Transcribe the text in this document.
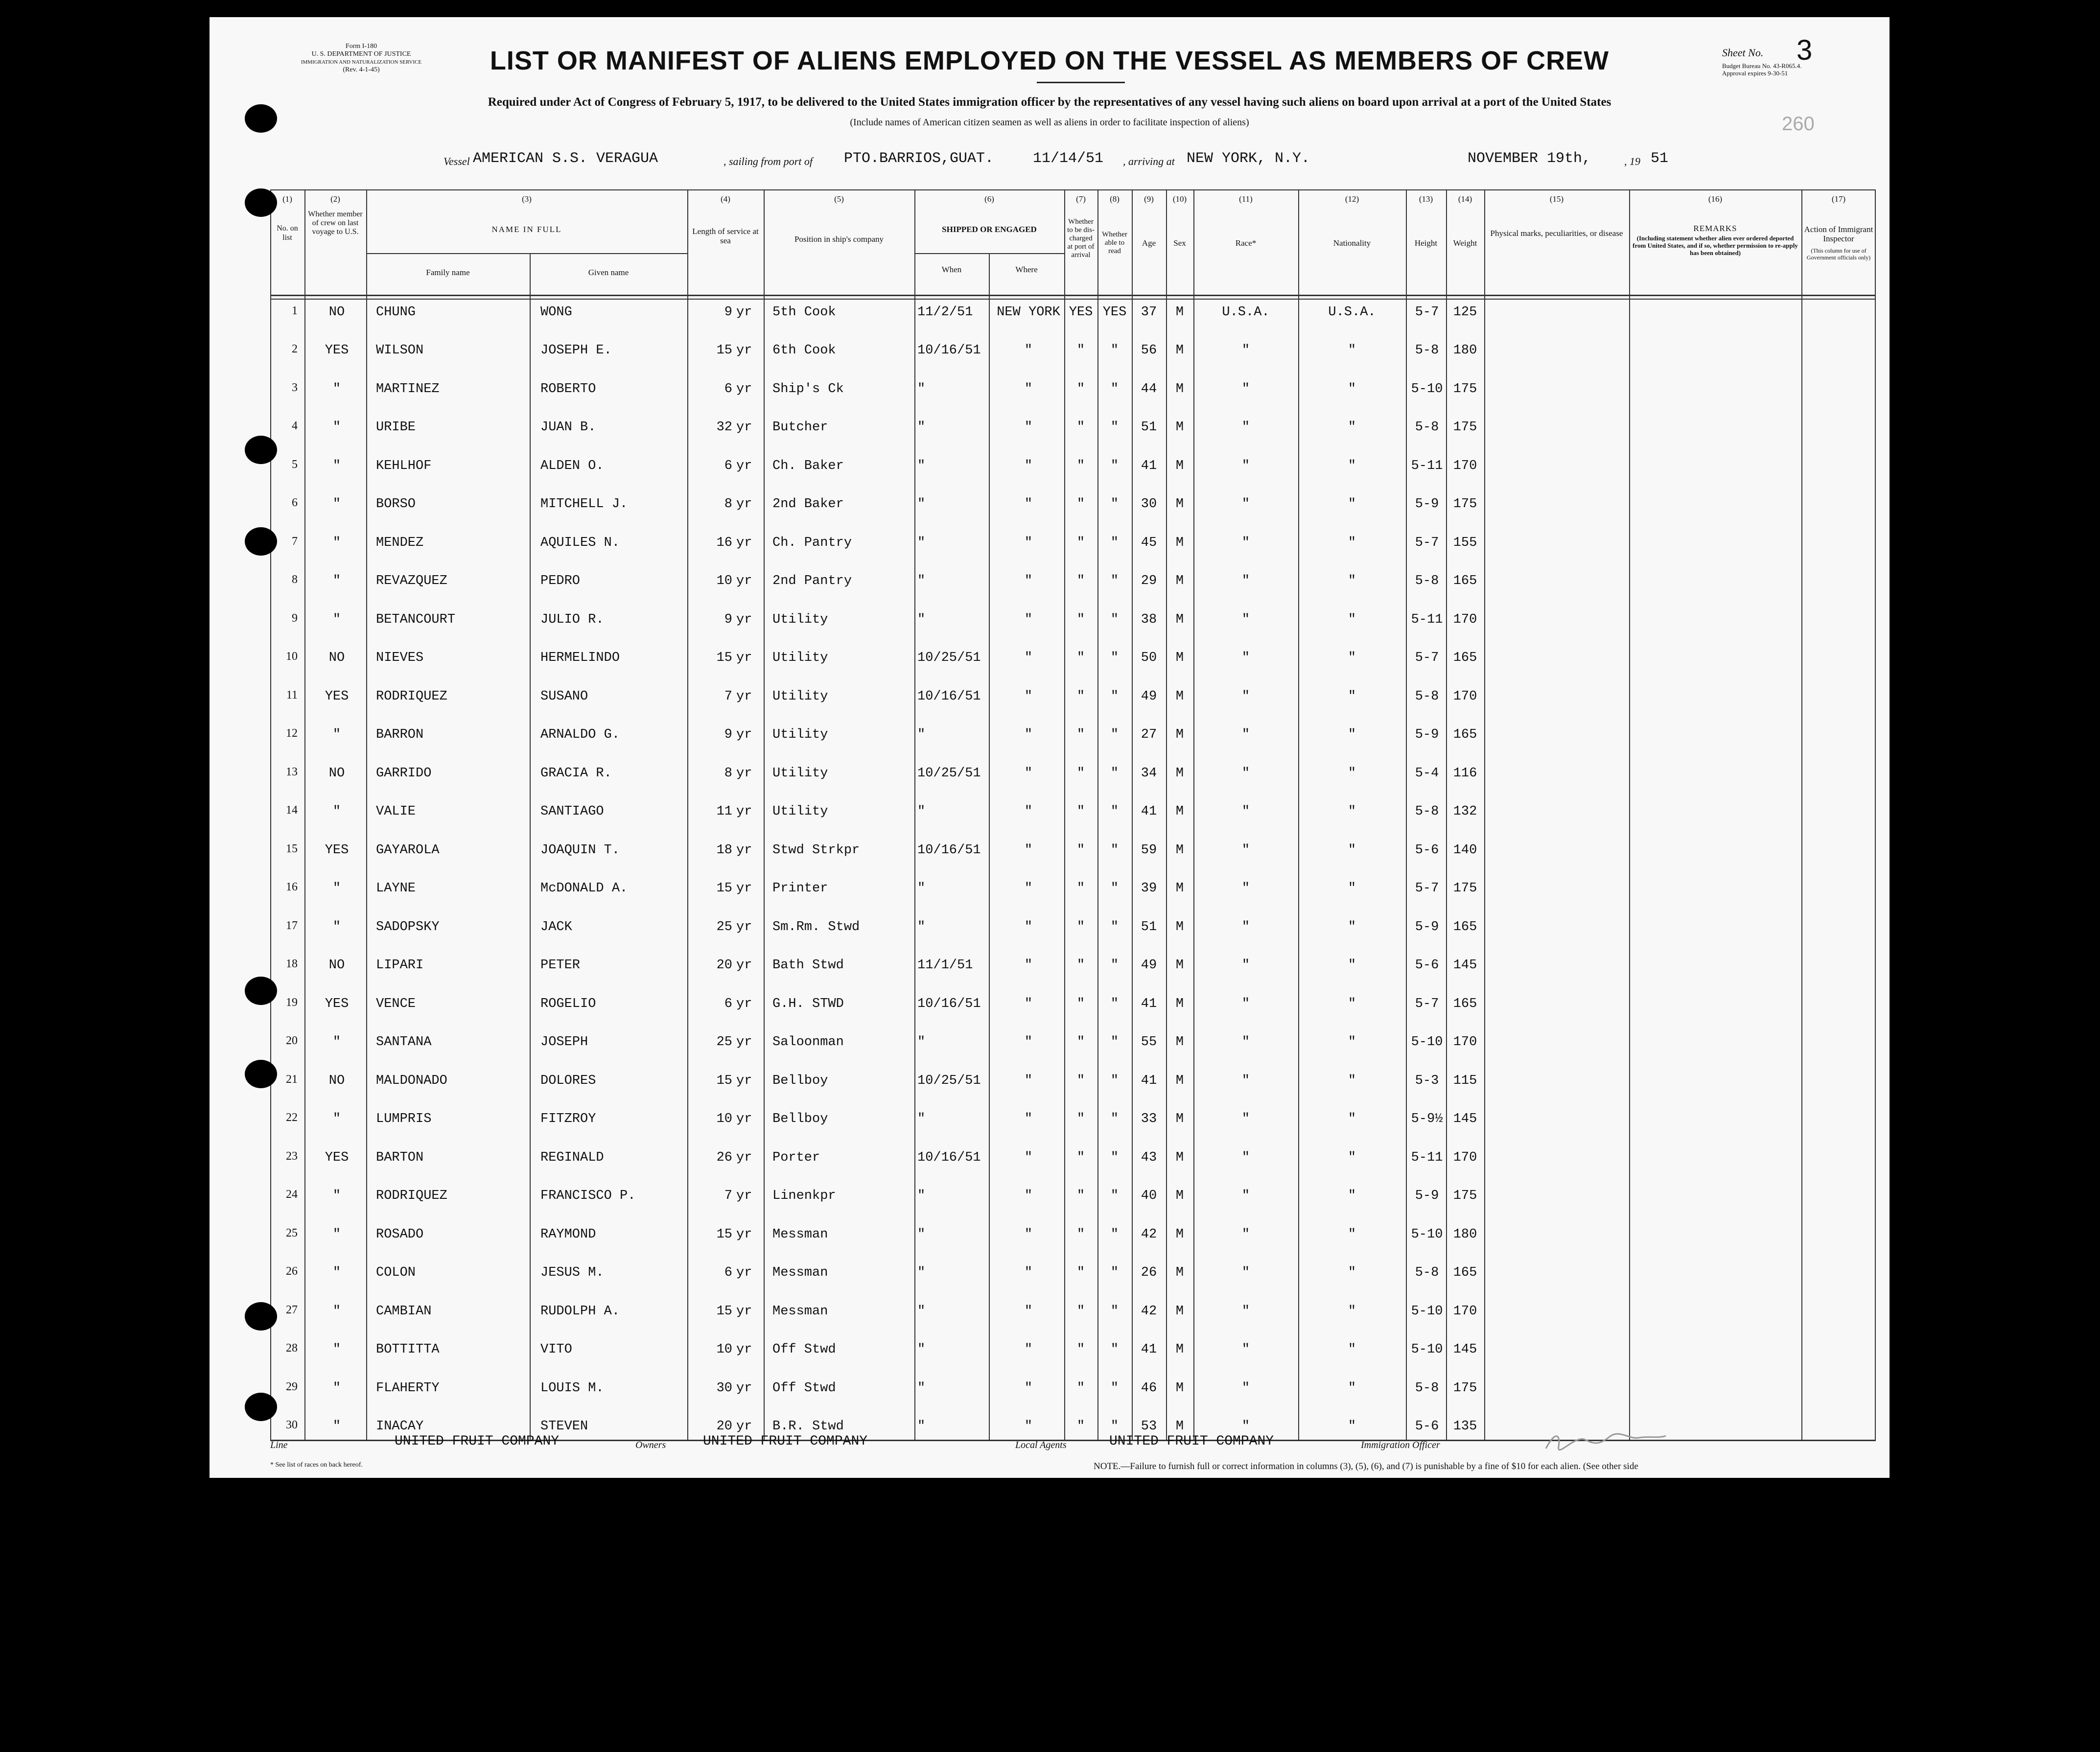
Form I-180
U. S. DEPARTMENT OF JUSTICE
IMMIGRATION AND NATURALIZATION SERVICE
(Rev. 4-1-45)	LIST OR MANIFEST OF ALIENS EMPLOYED ON THE VESSEL AS MEMBERS OF CREW	Sheet No. 3
Budget Bureau No. 43-R065.4.
Approval expires 9-30-51
260
Required under Act of Congress of February 5, 1917, to be delivered to the United States immigration officer by the representatives of any vessel having such aliens on board upon arrival at a port of the United States
(Include names of American citizen seamen as well as aliens in order to facilitate inspection of aliens)
Vessel AMERICAN S.S. VERAGUA	, sailing from port of PTO.BARRIOS,GUAT.	11/14/51 , arriving at NEW YORK, N.Y.	NOVEMBER 19th,	, 19 51
(1)	(2)	(3)	(4)	(5)	(6)	(7)	(8)	(9)	(10)	(11)	(12)	(13)	(14)	(15)	(16)	(17)
No. on list
Whether member of crew on last voyage to U.S.	NAME IN FULL
Family name	Given name
Length of service at sea	Position in ship's company
SHIPPED OR ENGAGED
When	Where
Whether to be dis-charged at port of arrival
Whether able to read
Age	Sex	Race*	Nationality	Height	Weight
Physical marks, peculiarities, or disease
REMARKS
(Including statement whether alien ever ordered deported from United States, and if so, whether permission to re-apply has been obtained)
Action of Immigrant Inspector
(This column for use of Government officials only)
1	NO	CHUNG	WONG	9 yr 5th Cook	11/2/51	NEW YORK YES YES	37	M	U.S.A.	U.S.A.	5-7	125
2	YES	WILSON	JOSEPH E.	15 yr 6th Cook	10/16/51	"	"	"	56	M	"	"	5-8	180
3	"	MARTINEZ	ROBERTO	6 yr Ship's Ck	"	"	"	"	44	M	"	"	5-10 175
4	"	URIBE	JUAN B.	32 yr Butcher	"	"	"	"	51	M	"	"	5-8	175
5	"	KEHLHOF	ALDEN O.	6 yr Ch. Baker	"	"	"	"	41	M	"	"	5-11 170
6	"	BORSO	MITCHELL J.	8 yr 2nd Baker	"	"	"	"	30	M	"	"	5-9	175
7	"	MENDEZ	AQUILES N.	16 yr Ch. Pantry	"	"	"	"	45	M	"	"	5-7	155
8	"	REVAZQUEZ	PEDRO	10 yr 2nd Pantry	"	"	"	"	29	M	"	"	5-8	165
9	"	BETANCOURT	JULIO R.	9 yr Utility	"	"	"	"	38	M	"	"	5-11 170
10	NO	NIEVES	HERMELINDO	15 yr Utility	10/25/51	"	"	"	50	M	"	"	5-7	165
11	YES	RODRIQUEZ	SUSANO	7 yr Utility	10/16/51	"	"	"	49	M	"	"	5-8	170
12	"	BARRON	ARNALDO G.	9 yr Utility	"	"	"	"	27	M	"	"	5-9	165
13	NO	GARRIDO	GRACIA R.	8 yr Utility	10/25/51	"	"	"	34	M	"	"	5-4	116
14	"	VALIE	SANTIAGO	11 yr Utility	"	"	"	"	41	M	"	"	5-8	132
15	YES	GAYAROLA	JOAQUIN T.	18 yr Stwd Strkpr	10/16/51	"	"	"	59	M	"	"	5-6	140
16	"	LAYNE	McDONALD A.	15 yr Printer	"	"	"	"	39	M	"	"	5-7	175
17	"	SADOPSKY	JACK	25 yr Sm.Rm. Stwd	"	"	"	"	51	M	"	"	5-9	165
18	NO	LIPARI	PETER	20 yr Bath Stwd	11/1/51	"	"	"	49	M	"	"	5-6	145
19	YES	VENCE	ROGELIO	6 yr G.H. STWD	10/16/51	"	"	"	41	M	"	"	5-7	165
20	"	SANTANA	JOSEPH	25 yr Saloonman	"	"	"	"	55	M	"	"	5-10 170
21	NO	MALDONADO	DOLORES	15 yr Bellboy	10/25/51	"	"	"	41	M	"	"	5-3	115
22	"	LUMPRIS	FITZROY	10 yr Bellboy	"	"	"	"	33	M	"	"	5-9½ 145
23	YES	BARTON	REGINALD	26 yr Porter	10/16/51	"	"	"	43	M	"	"	5-11 170
24	"	RODRIQUEZ	FRANCISCO P.	7 yr Linenkpr	"	"	"	"	40	M	"	"	5-9	175
25	"	ROSADO	RAYMOND	15 yr Messman	"	"	"	"	42	M	"	"	5-10 180
26	"	COLON	JESUS M.	6 yr Messman	"	"	"	"	26	M	"	"	5-8	165
27	"	CAMBIAN	RUDOLPH A.	15 yr Messman	"	"	"	"	42	M	"	"	5-10 170
28	"	BOTTITTA	VITO	10 yr Off Stwd	"	"	"	"	41	M	"	"	5-10 145
29	"	FLAHERTY	LOUIS M.	30 yr Off Stwd	"	"	"	"	46	M	"	"	5-8	175
30	"	INACAY	STEVEN	20 yr B.R. Stwd	"	"	"	"	53	M	"	"	5-6	135
Line	UNITED FRUIT COMPANY	Owners	UNITED FRUIT COMPANY	Local Agents	UNITED FRUIT COMPANY	Immigration Officer
* See list of races on back hereof.	NOTE.—Failure to furnish full or correct information in columns (3), (5), (6), and (7) is punishable by a fine of $10 for each alien. (See other side
